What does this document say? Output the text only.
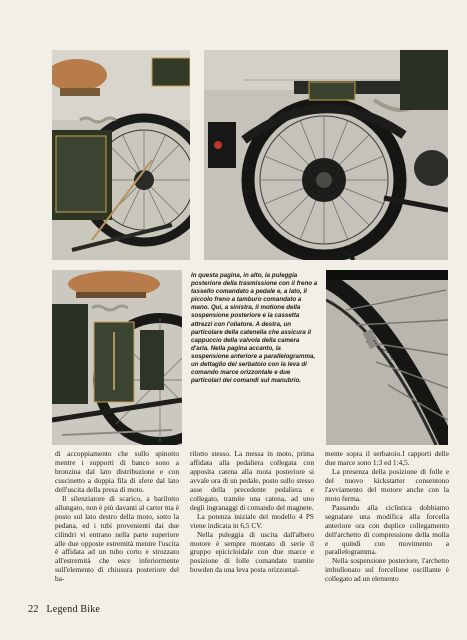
In questa pagina, in alto, la puleggia posteriore della trasmissione con il freno a tassello comandato a pedale e, a lato, il piccolo freno a tamburo comandato a mano. Qui, a sinistra, il motione della sospensione posteriore e la cassetta attrezzi con l'oliatore. A destra, un particolare della catenella che assicura il cappuccio della valvola della camera d'aria. Nella pagina accanto, la sospensione anteriore a parallelogramma, un dettaglio del serbatoio con la leva di comando marce orizzontale e due particolari dei comandi sul manubrio.

di accoppiamento che sullo spinotto mentre i supporti di banco sono a bronzina dal lato distribuzione e con cuscinetto a doppia fila di sfere dal lato dell'uscita della presa di moto.

Il silenziatore di scarico, a barilotto allungato, non è più davanti al carter ma è posto sul lato destro della moto, sotto la pedana, ed i tubi provenienti dai due cilindri vi entrano nella parte superiore alle due opposte estremità mentre l'uscita è affidata ad un tubo corto e strozzato all'estremità che esce inferiormente sull'elemento di chiusura posteriore del ba-

rilotto stesso. La messa in moto, prima affidata alla pedaliera collegata con apposita catena alla ruota posteriore si avvale ora di un pedale, posto sullo stesso asse della precedente pedaliera e collegato, tramite una catena, ad uno degli ingranaggi di comando del magnete.

La potenza iniziale del modello 4 PS viene indicata in 6,5 CV.

Nella puleggia di uscita dall'albero motore è sempre montato di serie il gruppo epicicloidale con due marce e posizione di folle comandate tramite bowden da una leva posta orizzontal-

mente sopra il serbatoio.I rapporti delle due marce sono 1:3 ed 1:4,5.

La presenza della posizione di folle e del nuovo kickstarter consentono l'avviamento del motore anche con la moto ferma.

Passando alla ciclistica dobbiamo segnalare una modifica alla forcella anteriore ora con duplice collegamento dell'archetto di compressione della molla e quindi con movimento a parallelogramma.

Nella sospensione posteriore, l'archetto imbullonato sul forcellone oscillante è collegato ad un elemento

22 Legend Bike
